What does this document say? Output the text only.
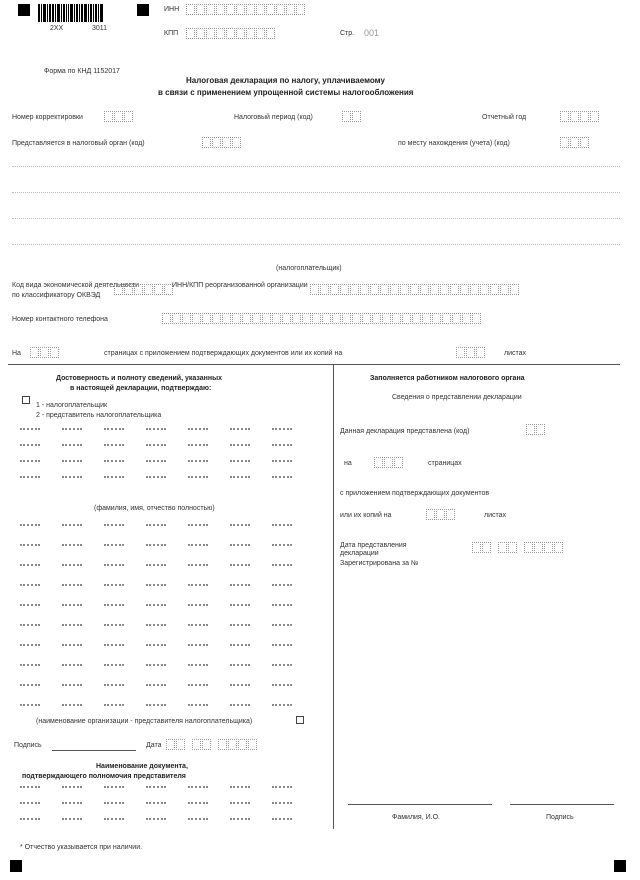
2XX	3011
ИНН
КПП	Стр. 001
Форма по КНД 1152017
Налоговая декларация по налогу, уплачиваемому
в связи с применением упрощенной системы налогообложения
Номер корректировки	Налоговый период (код)	Отчетный год
Представляется в налоговый орган (код)	по месту нахождения (учета) (код)
(налогоплательщик)
Код вида экономической деятельности
по классификатору ОКВЭД
ИНН/КПП реорганизованной организации
Номер контактного телефона
На	страницах с приложением подтверждающих документов или их копий на	листах
Достоверность и полноту сведений, указанных
в настоящей декларации, подтверждаю:
1 - налогоплательщик
2 - представитель налогоплательщика
(фамилия, имя, отчество полностью)
(наименование организации - представителя налогоплательщика)
Подпись	Дата
Наименование документа,
подтверждающего полномочия представителя
Заполняется работником налогового органа
Сведения о представлении декларации
Данная декларация представлена (код)
на	страницах
с приложением подтверждающих документов
или их копий на	листах
Дата представления декларации
Зарегистрирована за №
Фамилия, И.О.	Подпись
* Отчество указывается при наличии.
